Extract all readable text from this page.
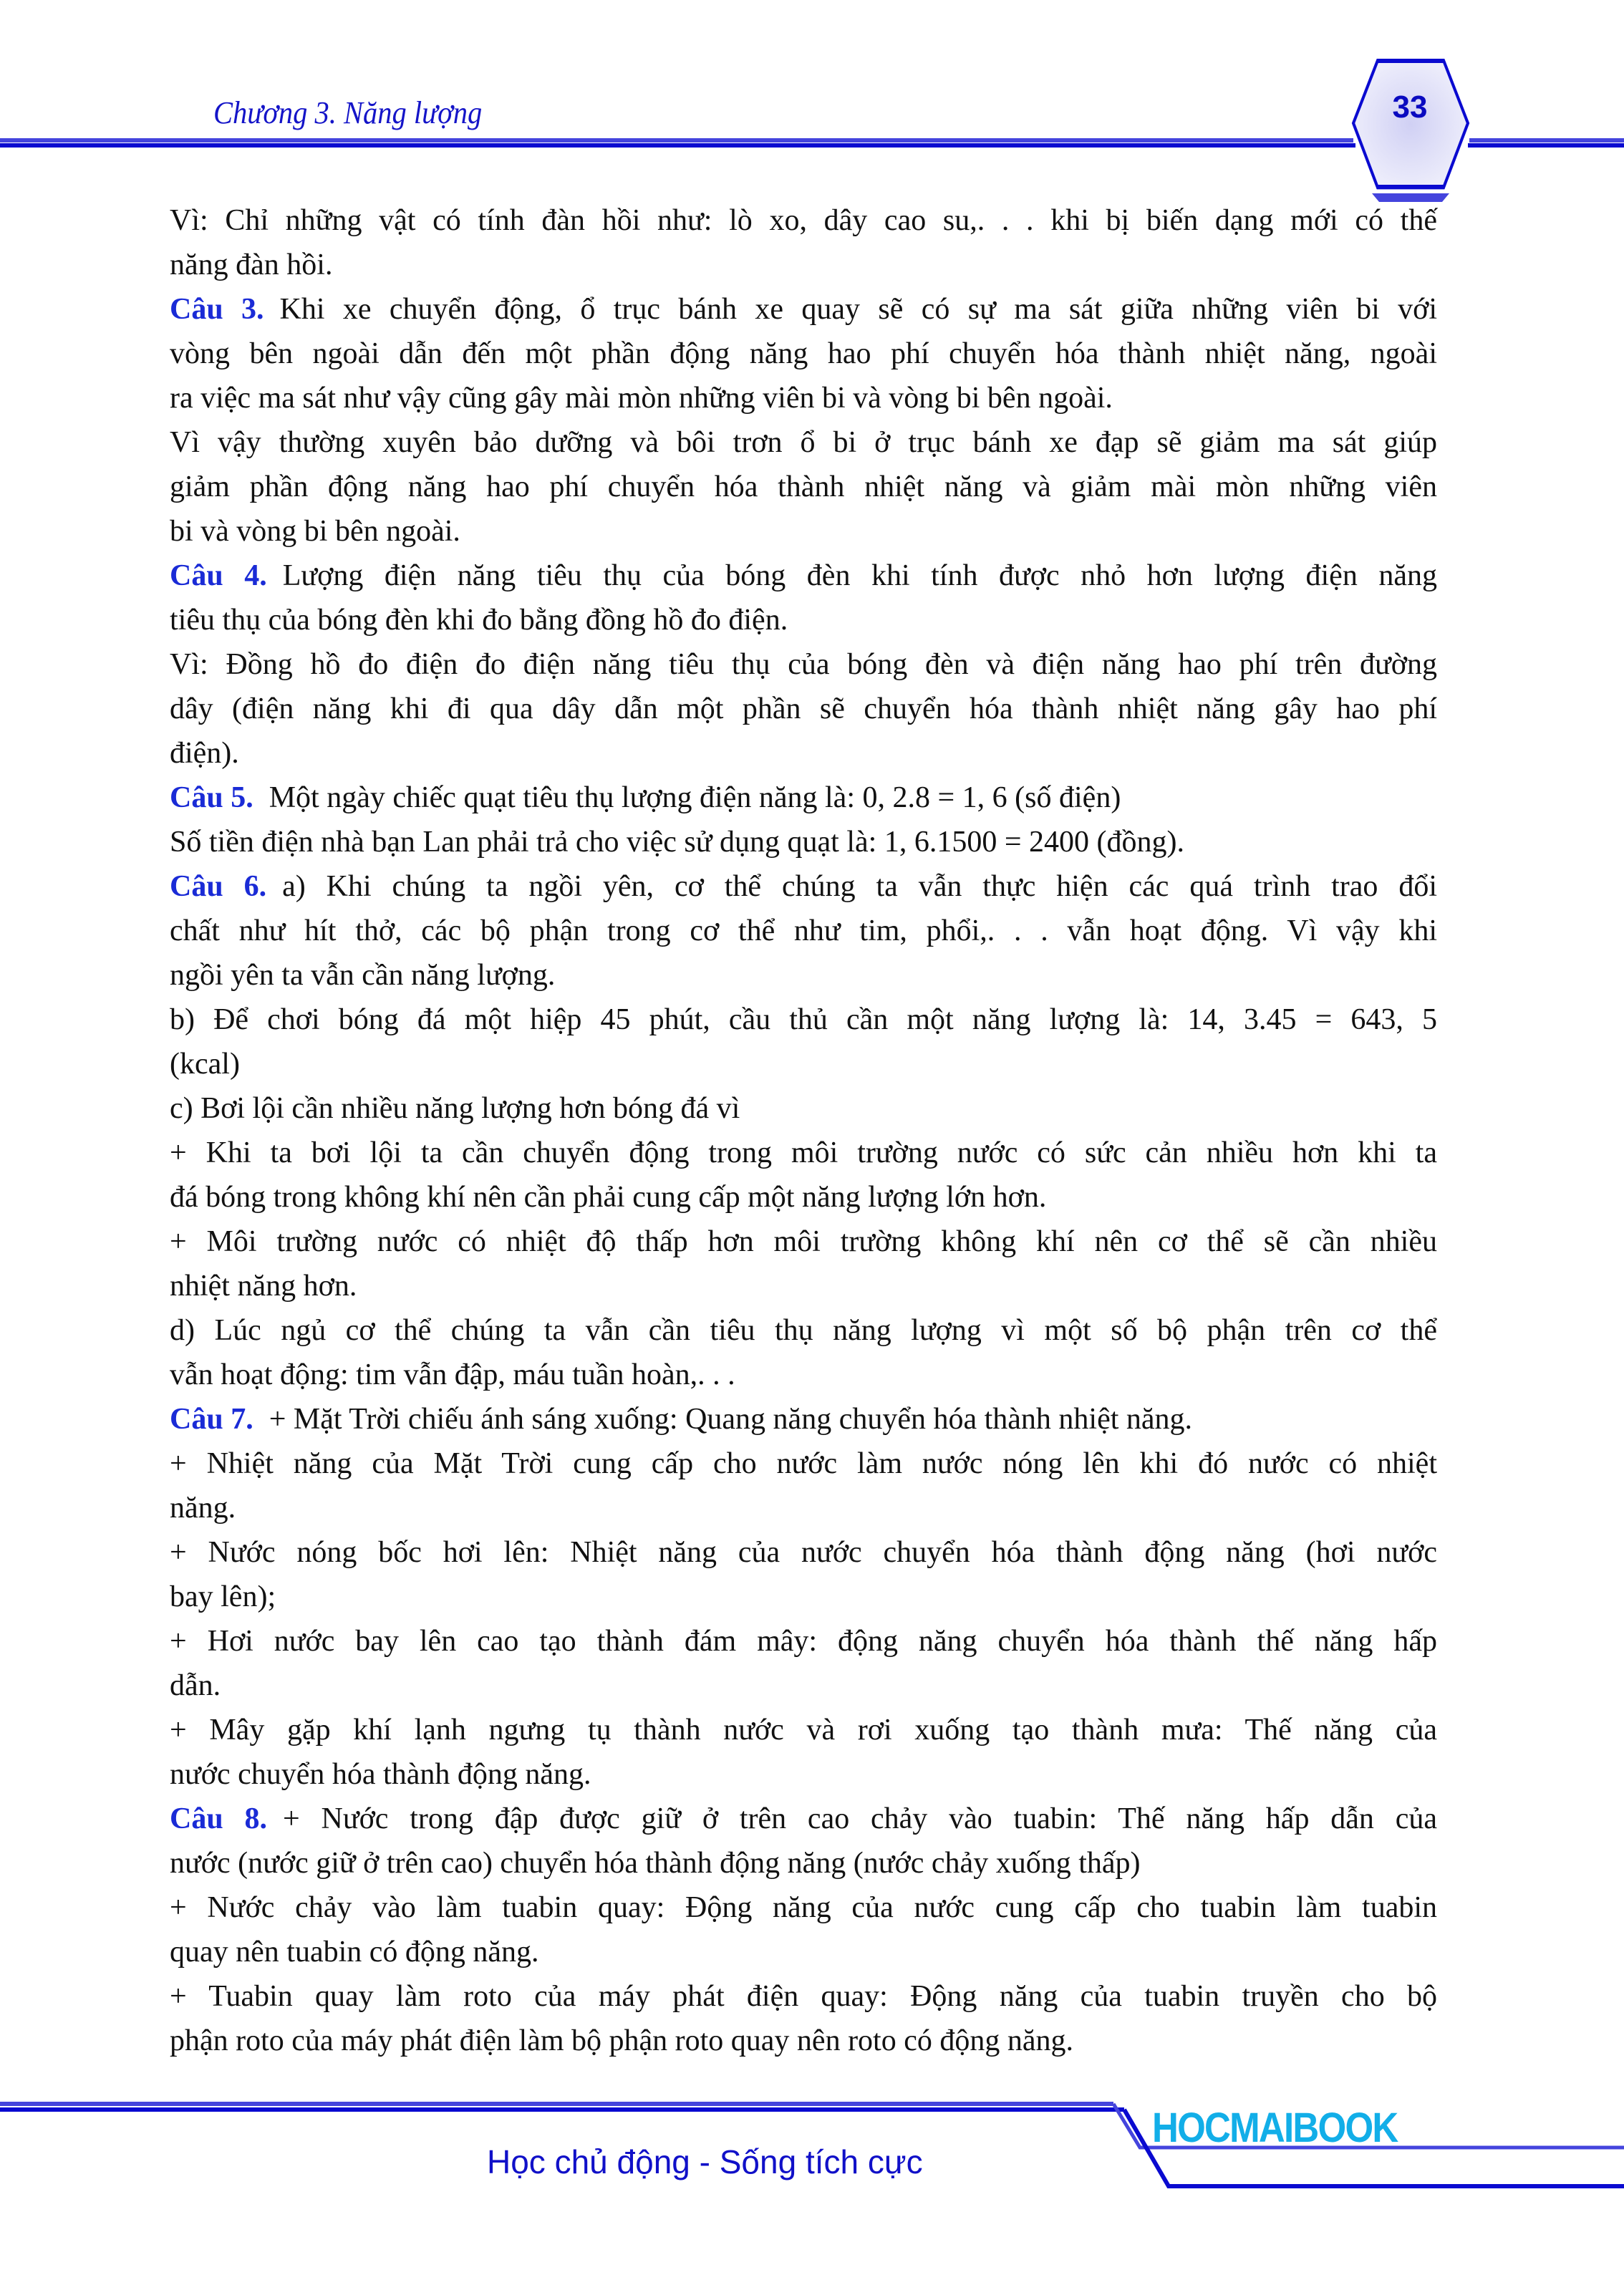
Chương 3. Năng lượng	33
Vì: Chỉ những vật có tính đàn hồi như: lò xo, dây cao su,. . . khi bị biến dạng mới có thế
năng đàn hồi.
Câu 3. Khi xe chuyển động, ổ trục bánh xe quay sẽ có sự ma sát giữa những viên bi với
vòng bên ngoài dẫn đến một phần động năng hao phí chuyển hóa thành nhiệt năng, ngoài
ra việc ma sát như vậy cũng gây mài mòn những viên bi và vòng bi bên ngoài.
Vì vậy thường xuyên bảo dưỡng và bôi trơn ổ bi ở trục bánh xe đạp sẽ giảm ma sát giúp
giảm phần động năng hao phí chuyển hóa thành nhiệt năng và giảm mài mòn những viên
bi và vòng bi bên ngoài.
Câu 4. Lượng điện năng tiêu thụ của bóng đèn khi tính được nhỏ hơn lượng điện năng
tiêu thụ của bóng đèn khi đo bằng đồng hồ đo điện.
Vì: Đồng hồ đo điện đo điện năng tiêu thụ của bóng đèn và điện năng hao phí trên đường
dây (điện năng khi đi qua dây dẫn một phần sẽ chuyển hóa thành nhiệt năng gây hao phí
điện).
Câu 5. Một ngày chiếc quạt tiêu thụ lượng điện năng là: 0, 2.8 = 1, 6 (số điện)
Số tiền điện nhà bạn Lan phải trả cho việc sử dụng quạt là: 1, 6.1500 = 2400 (đồng).
Câu 6. a) Khi chúng ta ngồi yên, cơ thể chúng ta vẫn thực hiện các quá trình trao đổi
chất như hít thở, các bộ phận trong cơ thể như tim, phổi,. . . vẫn hoạt động. Vì vậy khi
ngồi yên ta vẫn cần năng lượng.
b) Để chơi bóng đá một hiệp 45 phút, cầu thủ cần một năng lượng là: 14, 3.45 = 643, 5
(kcal)
c) Bơi lội cần nhiều năng lượng hơn bóng đá vì
+ Khi ta bơi lội ta cần chuyển động trong môi trường nước có sức cản nhiều hơn khi ta
đá bóng trong không khí nên cần phải cung cấp một năng lượng lớn hơn.
+ Môi trường nước có nhiệt độ thấp hơn môi trường không khí nên cơ thể sẽ cần nhiều
nhiệt năng hơn.
d) Lúc ngủ cơ thể chúng ta vẫn cần tiêu thụ năng lượng vì một số bộ phận trên cơ thể
vẫn hoạt động: tim vẫn đập, máu tuần hoàn,. . .
Câu 7. + Mặt Trời chiếu ánh sáng xuống: Quang năng chuyển hóa thành nhiệt năng.
+ Nhiệt năng của Mặt Trời cung cấp cho nước làm nước nóng lên khi đó nước có nhiệt
năng.
+ Nước nóng bốc hơi lên: Nhiệt năng của nước chuyển hóa thành động năng (hơi nước
bay lên);
+ Hơi nước bay lên cao tạo thành đám mây: động năng chuyển hóa thành thế năng hấp
dẫn.
+ Mây gặp khí lạnh ngưng tụ thành nước và rơi xuống tạo thành mưa: Thế năng của
nước chuyển hóa thành động năng.
Câu 8. + Nước trong đập được giữ ở trên cao chảy vào tuabin: Thế năng hấp dẫn của
nước (nước giữ ở trên cao) chuyển hóa thành động năng (nước chảy xuống thấp)
+ Nước chảy vào làm tuabin quay: Động năng của nước cung cấp cho tuabin làm tuabin
quay nên tuabin có động năng.
+ Tuabin quay làm roto của máy phát điện quay: Động năng của tuabin truyền cho bộ
phận roto của máy phát điện làm bộ phận roto quay nên roto có động năng.
HOCMAIBOOK
Học chủ động - Sống tích cực
